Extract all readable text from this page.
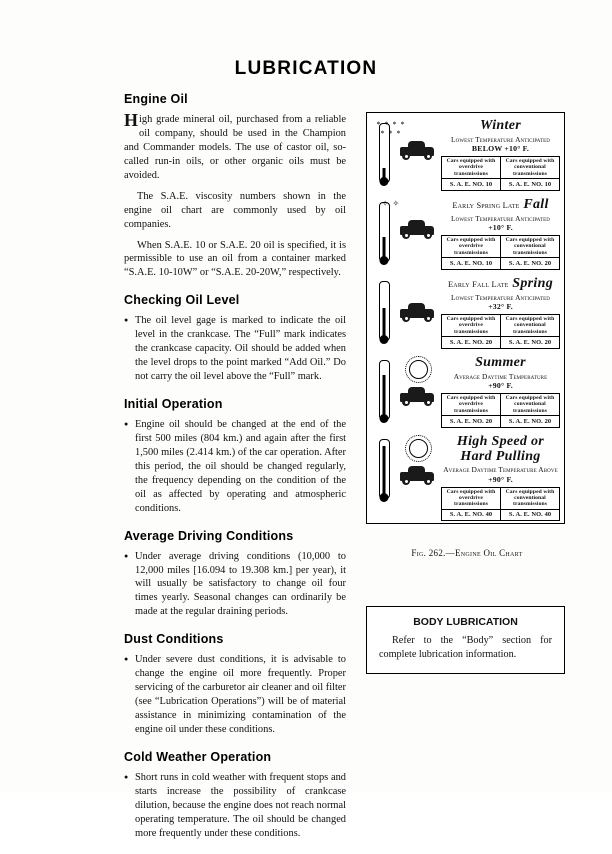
LUBRICATION
Engine Oil

High grade mineral oil, purchased from a reliable oil company, should be used in the Champion and Commander models. The use of castor oil, so-called run-in oils, or other organic oils must be avoided.

The S.A.E. viscosity numbers shown in the engine oil chart are commonly used by oil companies.

When S.A.E. 10 or S.A.E. 20 oil is specified, it is permissible to use an oil from a container marked “S.A.E. 10-10W” or “S.A.E. 20-20W,” respectively.

Checking Oil Level

● The oil level gage is marked to indicate the oil level in the crankcase. The “Full” mark indicates the crankcase capacity. Oil should be added when the level drops to the point marked “Add Oil.” Do not carry the oil level above the “Full” mark.

Initial Operation

● Engine oil should be changed at the end of the first 500 miles (804 km.) and again after the first 1,500 miles (2.414 km.) of the car operation. After this period, the oil should be changed regularly, the frequency depending on the condition of the oil as affected by operating and atmospheric conditions.

Average Driving Conditions

● Under average driving conditions (10,000 to 12,000 miles [16.094 to 19.308 km.] per year), it will usually be satisfactory to change oil four times yearly. Seasonal changes can ordinarily be made at the regular draining periods.

Dust Conditions

● Under severe dust conditions, it is advisable to change the engine oil more frequently. Proper servicing of the carburetor air cleaner and oil filter (see “Lubrication Operations”) will be of material assistance in minimizing contamination of the engine oil under these conditions.

Cold Weather Operation

● Short runs in cold weather with frequent stops and starts increase the possibility of crankcase dilution, because the engine does not reach normal operating temperature. The oil should be changed more frequently under these conditions.

* * * *
* * *
Winter
Lowest Temperature Anticipated
BELOW +10° F.
Cars equipped with overdrive transmissions	Cars equipped with conventional transmissions
S. A. E. NO. 10	S. A. E. NO. 10
✧ ✧	Early Spring Late Fall
Lowest Temperature Anticipated
+10° F.
Cars equipped with overdrive transmissions	Cars equipped with conventional transmissions
S. A. E. NO. 10	S. A. E. NO. 20
Early Fall Late Spring
Lowest Temperature Anticipated
+32° F.
Cars equipped with overdrive transmissions	Cars equipped with conventional transmissions
S. A. E. NO. 20	S. A. E. NO. 20
Summer
Average Daytime Temperature
+90° F.
Cars equipped with overdrive transmissions	Cars equipped with conventional transmissions
S. A. E. NO. 20	S. A. E. NO. 20
High Speed or Hard Pulling
Average Daytime Temperature Above
+90° F.
Cars equipped with overdrive transmissions	Cars equipped with conventional transmissions
S. A. E. NO. 40	S. A. E. NO. 40
Fig. 262.—Engine Oil Chart
BODY LUBRICATION

Refer to the “Body” section for complete lubrication information.
